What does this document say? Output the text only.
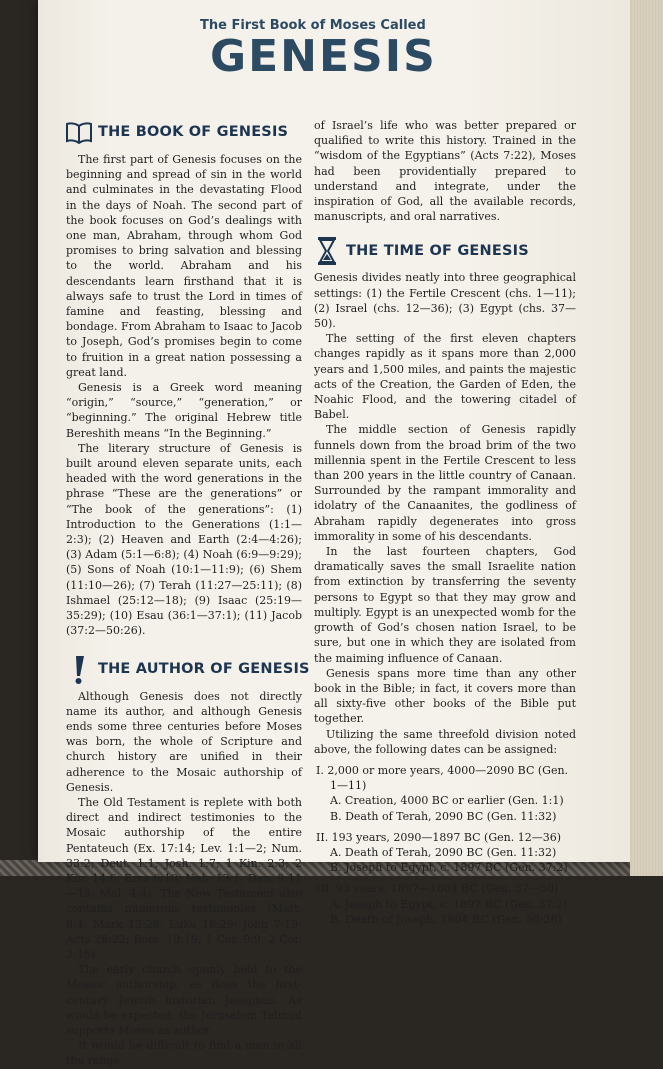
The First Book of Moses Called
GENESIS
THE BOOK OF GENESIS

The first part of Genesis focuses on the beginning and spread of sin in the world and culminates in the devastating Flood in the days of Noah. The second part of the book focuses on God’s dealings with one man, Abraham, through whom God promises to bring salvation and blessing to the world. Abraham and his descendants learn firsthand that it is always safe to trust the Lord in times of famine and feasting, blessing and bondage. From Abraham to Isaac to Jacob to Joseph, God’s promises begin to come to fruition in a great nation possessing a great land.

Genesis is a Greek word meaning “origin,” “source,” “generation,” or “beginning.” The original Hebrew title Bereshith means “In the Beginning.”

The literary structure of Genesis is built around eleven separate units, each headed with the word generations in the phrase “These are the generations” or “The book of the generations”: (1) Introduction to the Generations (1:1—2:3); (2) Heaven and Earth (2:4—4:26); (3) Adam (5:1—6:8); (4) Noah (6:9—9:29); (5) Sons of Noah (10:1—11:9); (6) Shem (11:10—26); (7) Terah (11:27—25:11); (8) Ishmael (25:12—18); (9) Isaac (25:19—35:29); (10) Esau (36:1—37:1); (11) Jacob (37:2—50:26).

THE AUTHOR OF GENESIS

Although Genesis does not directly name its author, and although Genesis ends some three centuries before Moses was born, the whole of Scripture and church history are unified in their adherence to the Mosaic authorship of Genesis.

The Old Testament is replete with both direct and indirect testimonies to the Mosaic authorship of the entire Pentateuch (Ex. 17:14; Lev. 1:1—2; Num. 33:2; Deut. 1:1; Josh. 1:7; 1 Kin. 2:3; 2 Kin. 14:6; Ezra 6:18; Neh. 13:1; Dan. 9:11—13; Mal. 4:4). The New Testament also contains numerous testimonies (Matt. 8:4; Mark 12:26; Luke 16:29; John 7:19; Acts 26:22; Rom. 10:19; 1 Cor. 9:9; 2 Cor. 3:15).

The early church openly held to the Mosaic authorship, as does the first-century Jewish historian Josephus. As would be expected, the Jerusalem Talmud supports Moses as author.

It would be difficult to find a man in all the range

of Israel’s life who was better prepared or qualified to write this history. Trained in the “wisdom of the Egyptians” (Acts 7:22), Moses had been providentially prepared to understand and integrate, under the inspiration of God, all the available records, manuscripts, and oral narratives.

THE TIME OF GENESIS

Genesis divides neatly into three geographical settings: (1) the Fertile Crescent (chs. 1—11); (2) Israel (chs. 12—36); (3) Egypt (chs. 37—50).

The setting of the first eleven chapters changes rapidly as it spans more than 2,000 years and 1,500 miles, and paints the majestic acts of the Creation, the Garden of Eden, the Noahic Flood, and the towering citadel of Babel.

The middle section of Genesis rapidly funnels down from the broad brim of the two millennia spent in the Fertile Crescent to less than 200 years in the little country of Canaan. Surrounded by the rampant immorality and idolatry of the Canaanites, the godliness of Abraham rapidly degenerates into gross immorality in some of his descendants.

In the last fourteen chapters, God dramatically saves the small Israelite nation from extinction by transferring the seventy persons to Egypt so that they may grow and multiply. Egypt is an unexpected womb for the growth of God’s chosen nation Israel, to be sure, but one in which they are isolated from the maiming influence of Canaan.

Genesis spans more time than any other book in the Bible; in fact, it covers more than all sixty-five other books of the Bible put together.

Utilizing the same threefold division noted above, the following dates can be assigned:

I. 2,000 or more years, 4000—2090 BC (Gen. 1—11)
A. Creation, 4000 BC or earlier (Gen. 1:1)
B. Death of Terah, 2090 BC (Gen. 11:32)
II. 193 years, 2090—1897 BC (Gen. 12—36)
A. Death of Terah, 2090 BC (Gen. 11:32)
B. Joseph to Egypt, c. 1897 BC (Gen. 37:2)
III. 93 years, 1897—1804 BC (Gen. 37—50)
A. Joseph to Egypt, c. 1897 BC (Gen. 37:2)
B. Death of Joseph, 1804 BC (Gen. 50:26)
